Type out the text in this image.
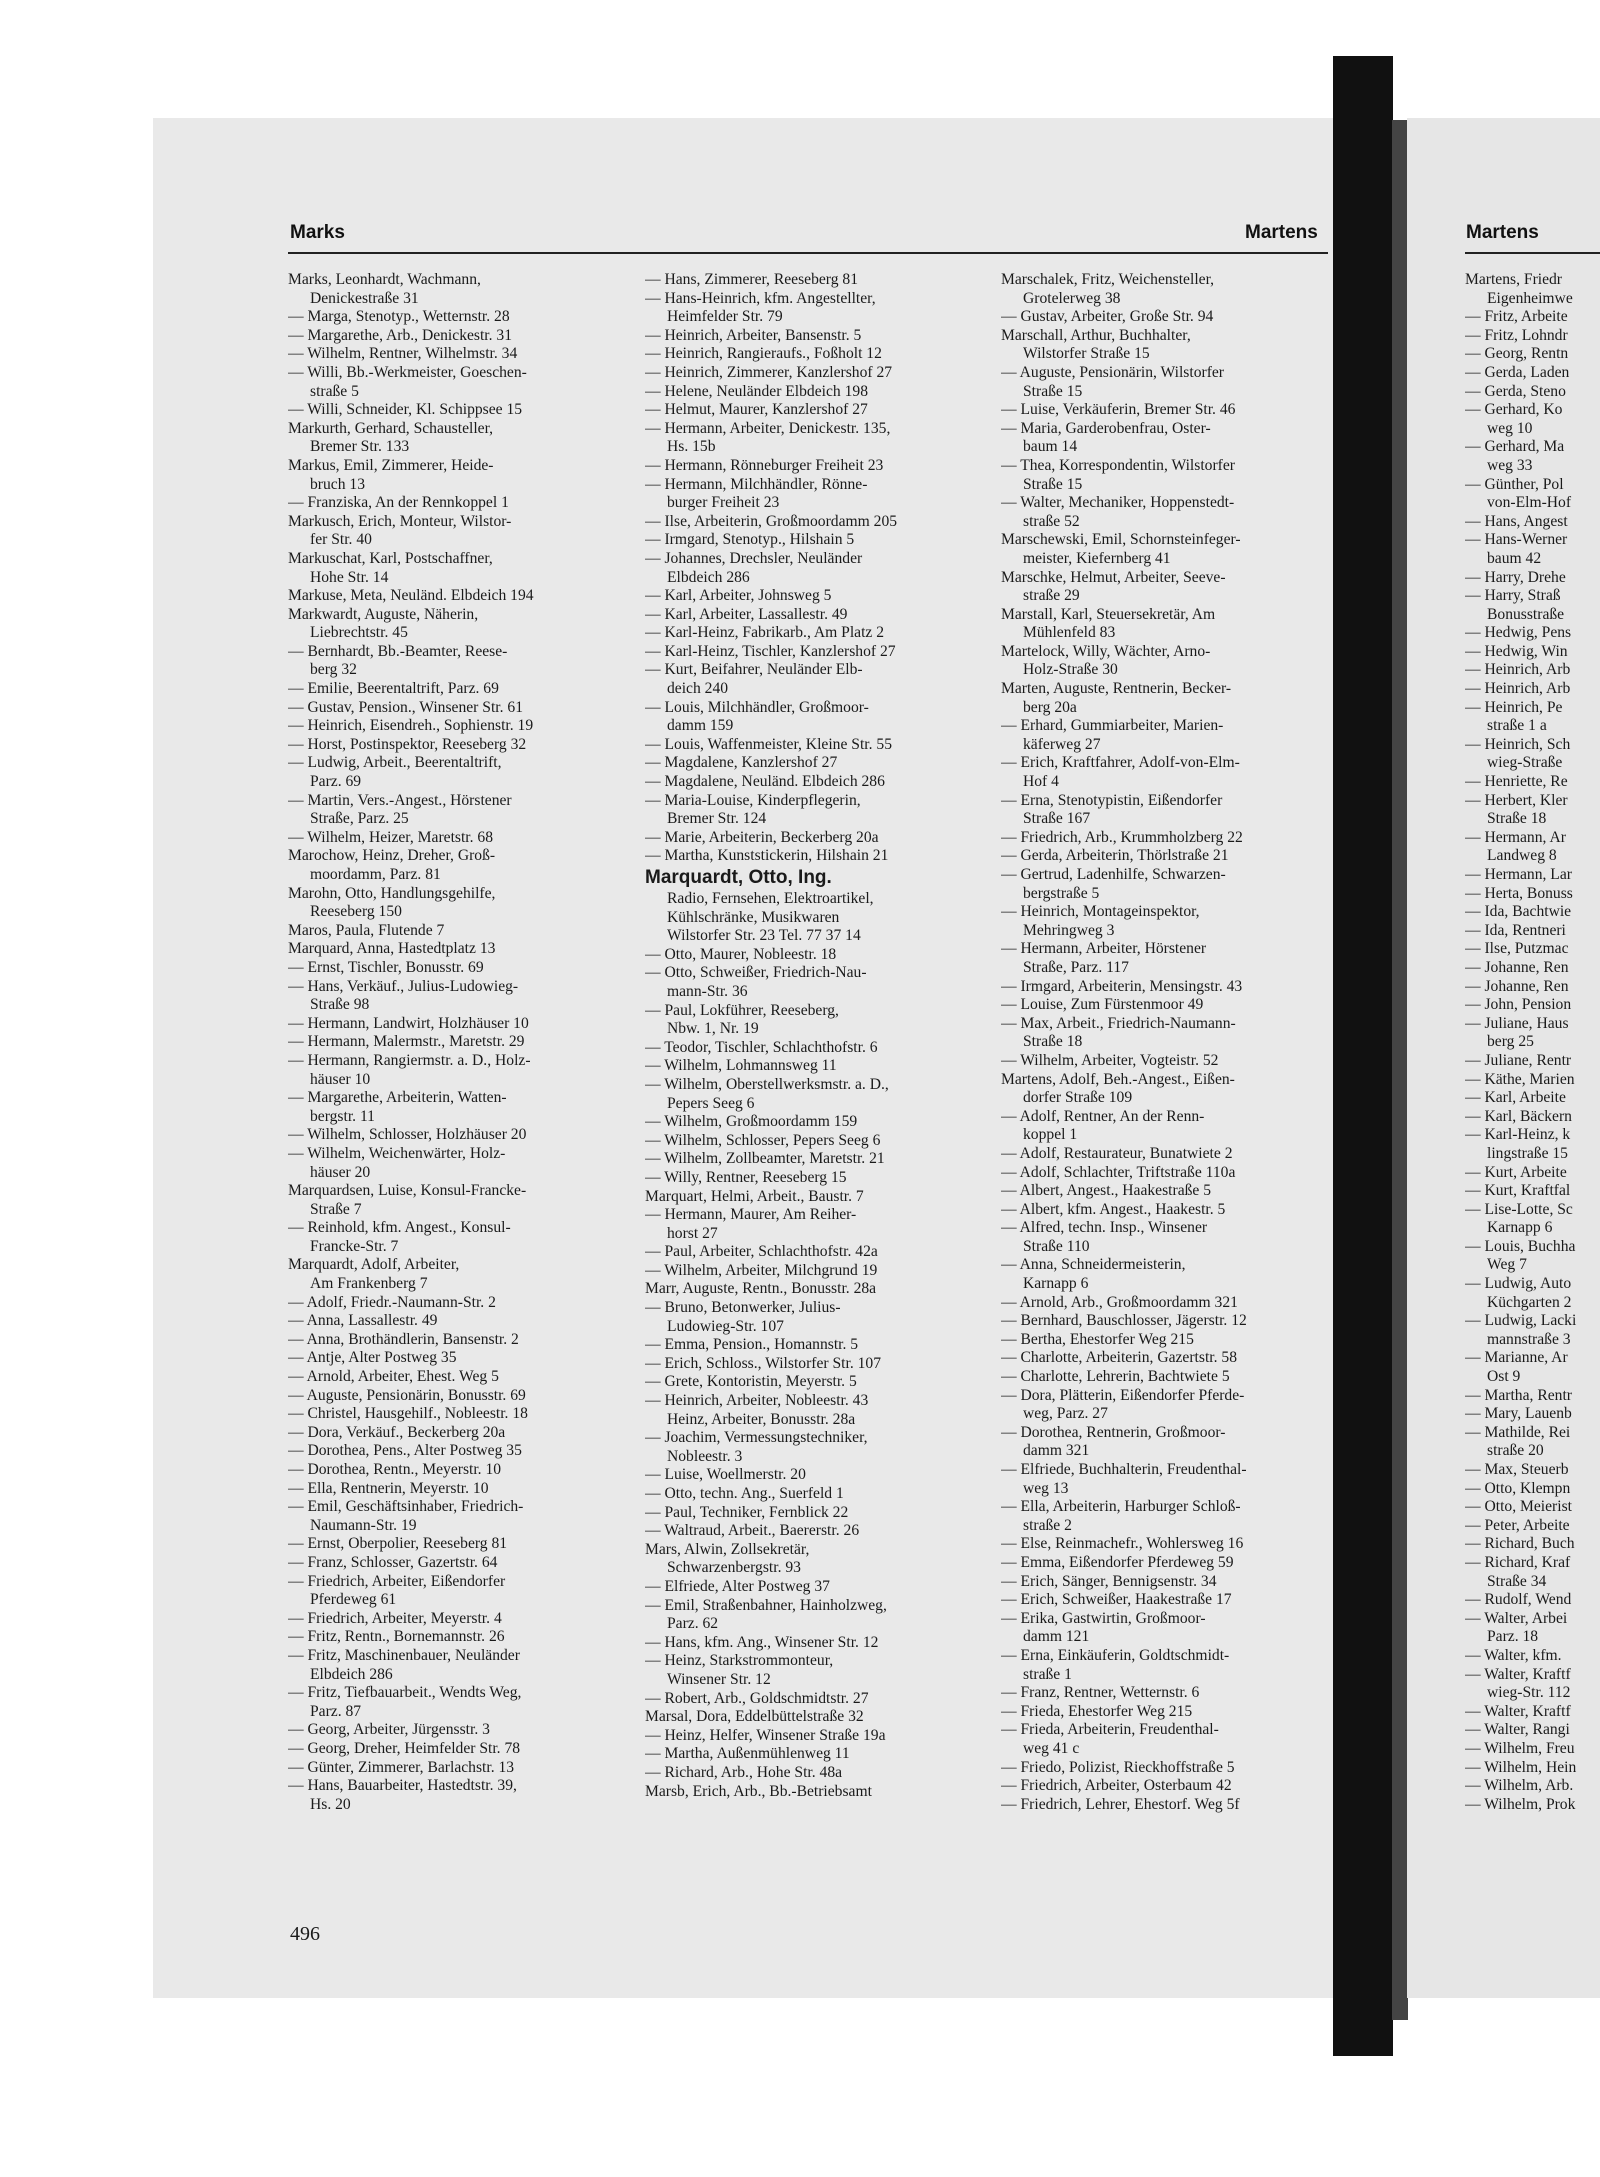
Marks	Martens	Martens
Marks, Leonhardt, Wachmann,
Denickestraße 31
— Marga, Stenotyp., Wetternstr. 28
— Margarethe, Arb., Denickestr. 31
— Wilhelm, Rentner, Wilhelmstr. 34
— Willi, Bb.-Werkmeister, Goeschen-
straße 5
— Willi, Schneider, Kl. Schippsee 15
Markurth, Gerhard, Schausteller,
Bremer Str. 133
Markus, Emil, Zimmerer, Heide-
bruch 13
— Franziska, An der Rennkoppel 1
Markusch, Erich, Monteur, Wilstor-
fer Str. 40
Markuschat, Karl, Postschaffner,
Hohe Str. 14
Markuse, Meta, Neuländ. Elbdeich 194
Markwardt, Auguste, Näherin,
Liebrechtstr. 45
— Bernhardt, Bb.-Beamter, Reese-
berg 32
— Emilie, Beerentaltrift, Parz. 69
— Gustav, Pension., Winsener Str. 61
— Heinrich, Eisendreh., Sophienstr. 19
— Horst, Postinspektor, Reeseberg 32
— Ludwig, Arbeit., Beerentaltrift,
Parz. 69
— Martin, Vers.-Angest., Hörstener
Straße, Parz. 25
— Wilhelm, Heizer, Maretstr. 68
Marochow, Heinz, Dreher, Groß-
moordamm, Parz. 81
Marohn, Otto, Handlungsgehilfe,
Reeseberg 150
Maros, Paula, Flutende 7
Marquard, Anna, Hastedtplatz 13
— Ernst, Tischler, Bonusstr. 69
— Hans, Verkäuf., Julius-Ludowieg-
Straße 98
— Hermann, Landwirt, Holzhäuser 10
— Hermann, Malermstr., Maretstr. 29
— Hermann, Rangiermstr. a. D., Holz-
häuser 10
— Margarethe, Arbeiterin, Watten-
bergstr. 11
— Wilhelm, Schlosser, Holzhäuser 20
— Wilhelm, Weichenwärter, Holz-
häuser 20
Marquardsen, Luise, Konsul-Francke-
Straße 7
— Reinhold, kfm. Angest., Konsul-
Francke-Str. 7
Marquardt, Adolf, Arbeiter,
Am Frankenberg 7
— Adolf, Friedr.-Naumann-Str. 2
— Anna, Lassallestr. 49
— Anna, Brothändlerin, Bansenstr. 2
— Antje, Alter Postweg 35
— Arnold, Arbeiter, Ehest. Weg 5
— Auguste, Pensionärin, Bonusstr. 69
— Christel, Hausgehilf., Nobleestr. 18
— Dora, Verkäuf., Beckerberg 20a
— Dorothea, Pens., Alter Postweg 35
— Dorothea, Rentn., Meyerstr. 10
— Ella, Rentnerin, Meyerstr. 10
— Emil, Geschäftsinhaber, Friedrich-
Naumann-Str. 19
— Ernst, Oberpolier, Reeseberg 81
— Franz, Schlosser, Gazertstr. 64
— Friedrich, Arbeiter, Eißendorfer
Pferdeweg 61
— Friedrich, Arbeiter, Meyerstr. 4
— Fritz, Rentn., Bornemannstr. 26
— Fritz, Maschinenbauer, Neuländer
Elbdeich 286
— Fritz, Tiefbauarbeit., Wendts Weg,
Parz. 87
— Georg, Arbeiter, Jürgensstr. 3
— Georg, Dreher, Heimfelder Str. 78
— Günter, Zimmerer, Barlachstr. 13
— Hans, Bauarbeiter, Hastedtstr. 39,
Hs. 20
— Hans, Zimmerer, Reeseberg 81
— Hans-Heinrich, kfm. Angestellter,
Heimfelder Str. 79
— Heinrich, Arbeiter, Bansenstr. 5
— Heinrich, Rangieraufs., Foßholt 12
— Heinrich, Zimmerer, Kanzlershof 27
— Helene, Neuländer Elbdeich 198
— Helmut, Maurer, Kanzlershof 27
— Hermann, Arbeiter, Denickestr. 135,
Hs. 15b
— Hermann, Rönneburger Freiheit 23
— Hermann, Milchhändler, Rönne-
burger Freiheit 23
— Ilse, Arbeiterin, Großmoordamm 205
— Irmgard, Stenotyp., Hilshain 5
— Johannes, Drechsler, Neuländer
Elbdeich 286
— Karl, Arbeiter, Johnsweg 5
— Karl, Arbeiter, Lassallestr. 49
— Karl-Heinz, Fabrikarb., Am Platz 2
— Karl-Heinz, Tischler, Kanzlershof 27
— Kurt, Beifahrer, Neuländer Elb-
deich 240
— Louis, Milchhändler, Großmoor-
damm 159
— Louis, Waffenmeister, Kleine Str. 55
— Magdalene, Kanzlershof 27
— Magdalene, Neuländ. Elbdeich 286
— Maria-Louise, Kinderpflegerin,
Bremer Str. 124
— Marie, Arbeiterin, Beckerberg 20a
— Martha, Kunststickerin, Hilshain 21
Marquardt, Otto, Ing.
Radio, Fernsehen, Elektroartikel,
Kühlschränke, Musikwaren
Wilstorfer Str. 23 Tel. 77 37 14
— Otto, Maurer, Nobleestr. 18
— Otto, Schweißer, Friedrich-Nau-
mann-Str. 36
— Paul, Lokführer, Reeseberg,
Nbw. 1, Nr. 19
— Teodor, Tischler, Schlachthofstr. 6
— Wilhelm, Lohmannsweg 11
— Wilhelm, Oberstellwerksmstr. a. D.,
Pepers Seeg 6
— Wilhelm, Großmoordamm 159
— Wilhelm, Schlosser, Pepers Seeg 6
— Wilhelm, Zollbeamter, Maretstr. 21
— Willy, Rentner, Reeseberg 15
Marquart, Helmi, Arbeit., Baustr. 7
— Hermann, Maurer, Am Reiher-
horst 27
— Paul, Arbeiter, Schlachthofstr. 42a
— Wilhelm, Arbeiter, Milchgrund 19
Marr, Auguste, Rentn., Bonusstr. 28a
— Bruno, Betonwerker, Julius-
Ludowieg-Str. 107
— Emma, Pension., Homannstr. 5
— Erich, Schloss., Wilstorfer Str. 107
— Grete, Kontoristin, Meyerstr. 5
— Heinrich, Arbeiter, Nobleestr. 43
Heinz, Arbeiter, Bonusstr. 28a
— Joachim, Vermessungstechniker,
Nobleestr. 3
— Luise, Woellmerstr. 20
— Otto, techn. Ang., Suerfeld 1
— Paul, Techniker, Fernblick 22
— Waltraud, Arbeit., Baererstr. 26
Mars, Alwin, Zollsekretär,
Schwarzenbergstr. 93
— Elfriede, Alter Postweg 37
— Emil, Straßenbahner, Hainholzweg,
Parz. 62
— Hans, kfm. Ang., Winsener Str. 12
— Heinz, Starkstrommonteur,
Winsener Str. 12
— Robert, Arb., Goldschmidtstr. 27
Marsal, Dora, Eddelbüttelstraße 32
— Heinz, Helfer, Winsener Straße 19a
— Martha, Außenmühlenweg 11
— Richard, Arb., Hohe Str. 48a
Marsb, Erich, Arb., Bb.-Betriebsamt
Marschalek, Fritz, Weichensteller,
Grotelerweg 38
— Gustav, Arbeiter, Große Str. 94
Marschall, Arthur, Buchhalter,
Wilstorfer Straße 15
— Auguste, Pensionärin, Wilstorfer
Straße 15
— Luise, Verkäuferin, Bremer Str. 46
— Maria, Garderobenfrau, Oster-
baum 14
— Thea, Korrespondentin, Wilstorfer
Straße 15
— Walter, Mechaniker, Hoppenstedt-
straße 52
Marschewski, Emil, Schornsteinfeger-
meister, Kiefernberg 41
Marschke, Helmut, Arbeiter, Seeve-
straße 29
Marstall, Karl, Steuersekretär, Am
Mühlenfeld 83
Martelock, Willy, Wächter, Arno-
Holz-Straße 30
Marten, Auguste, Rentnerin, Becker-
berg 20a
— Erhard, Gummiarbeiter, Marien-
käferweg 27
— Erich, Kraftfahrer, Adolf-von-Elm-
Hof 4
— Erna, Stenotypistin, Eißendorfer
Straße 167
— Friedrich, Arb., Krummholzberg 22
— Gerda, Arbeiterin, Thörlstraße 21
— Gertrud, Ladenhilfe, Schwarzen-
bergstraße 5
— Heinrich, Montageinspektor,
Mehringweg 3
— Hermann, Arbeiter, Hörstener
Straße, Parz. 117
— Irmgard, Arbeiterin, Mensingstr. 43
— Louise, Zum Fürstenmoor 49
— Max, Arbeit., Friedrich-Naumann-
Straße 18
— Wilhelm, Arbeiter, Vogteistr. 52
Martens, Adolf, Beh.-Angest., Eißen-
dorfer Straße 109
— Adolf, Rentner, An der Renn-
koppel 1
— Adolf, Restaurateur, Bunatwiete 2
— Adolf, Schlachter, Triftstraße 110a
— Albert, Angest., Haakestraße 5
— Albert, kfm. Angest., Haakestr. 5
— Alfred, techn. Insp., Winsener
Straße 110
— Anna, Schneidermeisterin,
Karnapp 6
— Arnold, Arb., Großmoordamm 321
— Bernhard, Bauschlosser, Jägerstr. 12
— Bertha, Ehestorfer Weg 215
— Charlotte, Arbeiterin, Gazertstr. 58
— Charlotte, Lehrerin, Bachtwiete 5
— Dora, Plätterin, Eißendorfer Pferde-
weg, Parz. 27
— Dorothea, Rentnerin, Großmoor-
damm 321
— Elfriede, Buchhalterin, Freudenthal-
weg 13
— Ella, Arbeiterin, Harburger Schloß-
straße 2
— Else, Reinmachefr., Wohlersweg 16
— Emma, Eißendorfer Pferdeweg 59
— Erich, Sänger, Bennigsenstr. 34
— Erich, Schweißer, Haakestraße 17
— Erika, Gastwirtin, Großmoor-
damm 121
— Erna, Einkäuferin, Goldtschmidt-
straße 1
— Franz, Rentner, Wetternstr. 6
— Frieda, Ehestorfer Weg 215
— Frieda, Arbeiterin, Freudenthal-
weg 41 c
— Friedo, Polizist, Rieckhoffstraße 5
— Friedrich, Arbeiter, Osterbaum 42
— Friedrich, Lehrer, Ehestorf. Weg 5f
Martens, Friedr
Eigenheimwe
— Fritz, Arbeite
— Fritz, Lohndr
— Georg, Rentn
— Gerda, Laden
— Gerda, Steno
— Gerhard, Ko
weg 10
— Gerhard, Ma
weg 33
— Günther, Pol
von-Elm-Hof
— Hans, Angest
— Hans-Werner
baum 42
— Harry, Drehe
— Harry, Straß
Bonusstraße
— Hedwig, Pens
— Hedwig, Win
— Heinrich, Arb
— Heinrich, Arb
— Heinrich, Pe
straße 1 a
— Heinrich, Sch
wieg-Straße
— Henriette, Re
— Herbert, Kler
Straße 18
— Hermann, Ar
Landweg 8
— Hermann, Lar
— Herta, Bonuss
— Ida, Bachtwie
— Ida, Rentneri
— Ilse, Putzmac
— Johanne, Ren
— Johanne, Ren
— John, Pension
— Juliane, Haus
berg 25
— Juliane, Rentr
— Käthe, Marien
— Karl, Arbeite
— Karl, Bäckern
— Karl-Heinz, k
lingstraße 15
— Kurt, Arbeite
— Kurt, Kraftfal
— Lise-Lotte, Sc
Karnapp 6
— Louis, Buchha
Weg 7
— Ludwig, Auto
Küchgarten 2
— Ludwig, Lacki
mannstraße 3
— Marianne, Ar
Ost 9
— Martha, Rentr
— Mary, Lauenb
— Mathilde, Rei
straße 20
— Max, Steuerb
— Otto, Klempn
— Otto, Meierist
— Peter, Arbeite
— Richard, Buch
— Richard, Kraf
Straße 34
— Rudolf, Wend
— Walter, Arbei
Parz. 18
— Walter, kfm.
— Walter, Kraftf
wieg-Str. 112
— Walter, Kraftf
— Walter, Rangi
— Wilhelm, Freu
— Wilhelm, Hein
— Wilhelm, Arb.
— Wilhelm, Prok
496
